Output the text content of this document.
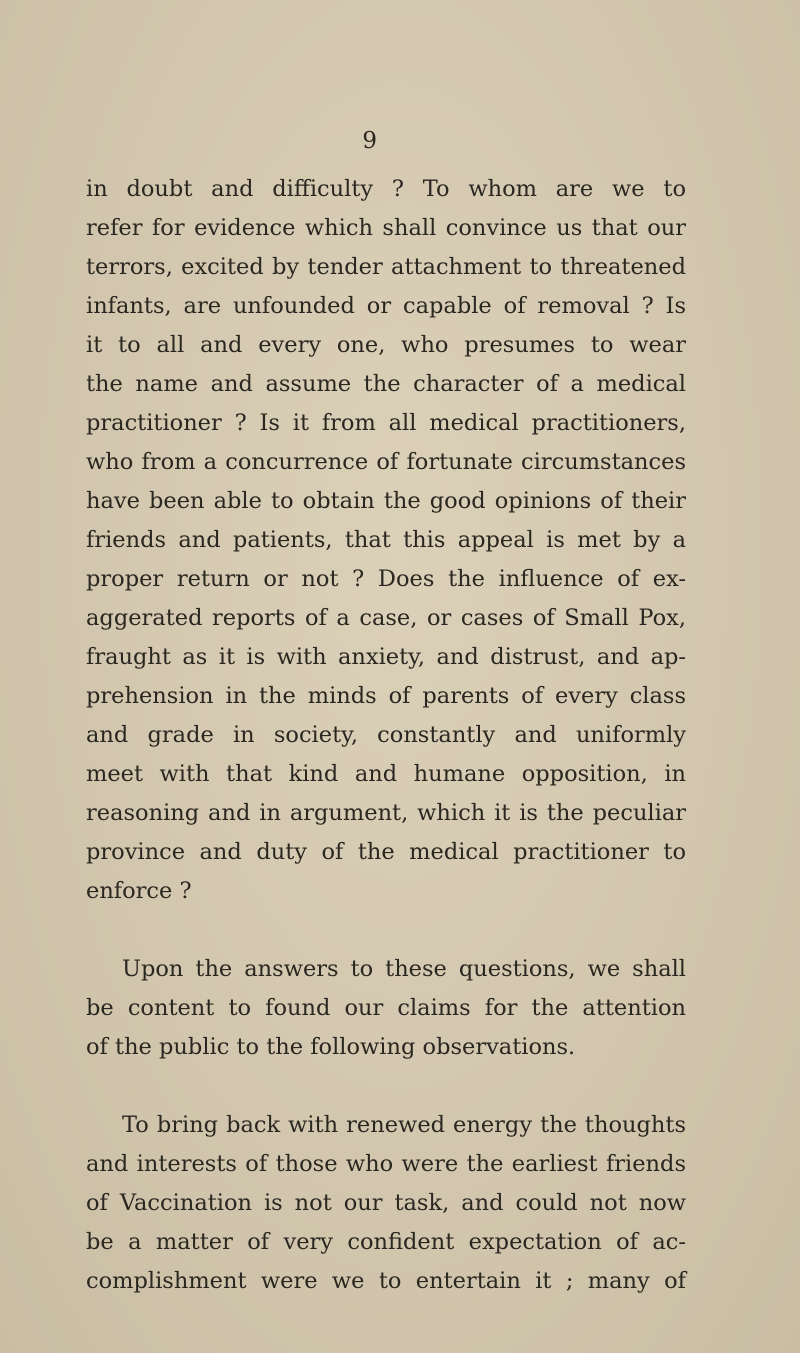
9
in doubt and difficulty ? To whom are we to
refer for evidence which shall convince us that our
terrors, excited by tender attachment to threatened
infants, are unfounded or capable of removal ? Is
it to all and every one, who presumes to wear
the name and assume the character of a medical
practitioner ? Is it from all medical practitioners,
who from a concurrence of fortunate circumstances
have been able to obtain the good opinions of their
friends and patients, that this appeal is met by a
proper return or not ? Does the influence of ex-
aggerated reports of a case, or cases of Small Pox,
fraught as it is with anxiety, and distrust, and ap-
prehension in the minds of parents of every class
and grade in society, constantly and uniformly
meet with that kind and humane opposition, in
reasoning and in argument, which it is the peculiar
province and duty of the medical practitioner to
enforce ?
Upon the answers to these questions, we shall
be content to found our claims for the attention
of the public to the following observations.
To bring back with renewed energy the thoughts
and interests of those who were the earliest friends
of Vaccination is not our task, and could not now
be a matter of very confident expectation of ac-
complishment were we to entertain it ; many of
